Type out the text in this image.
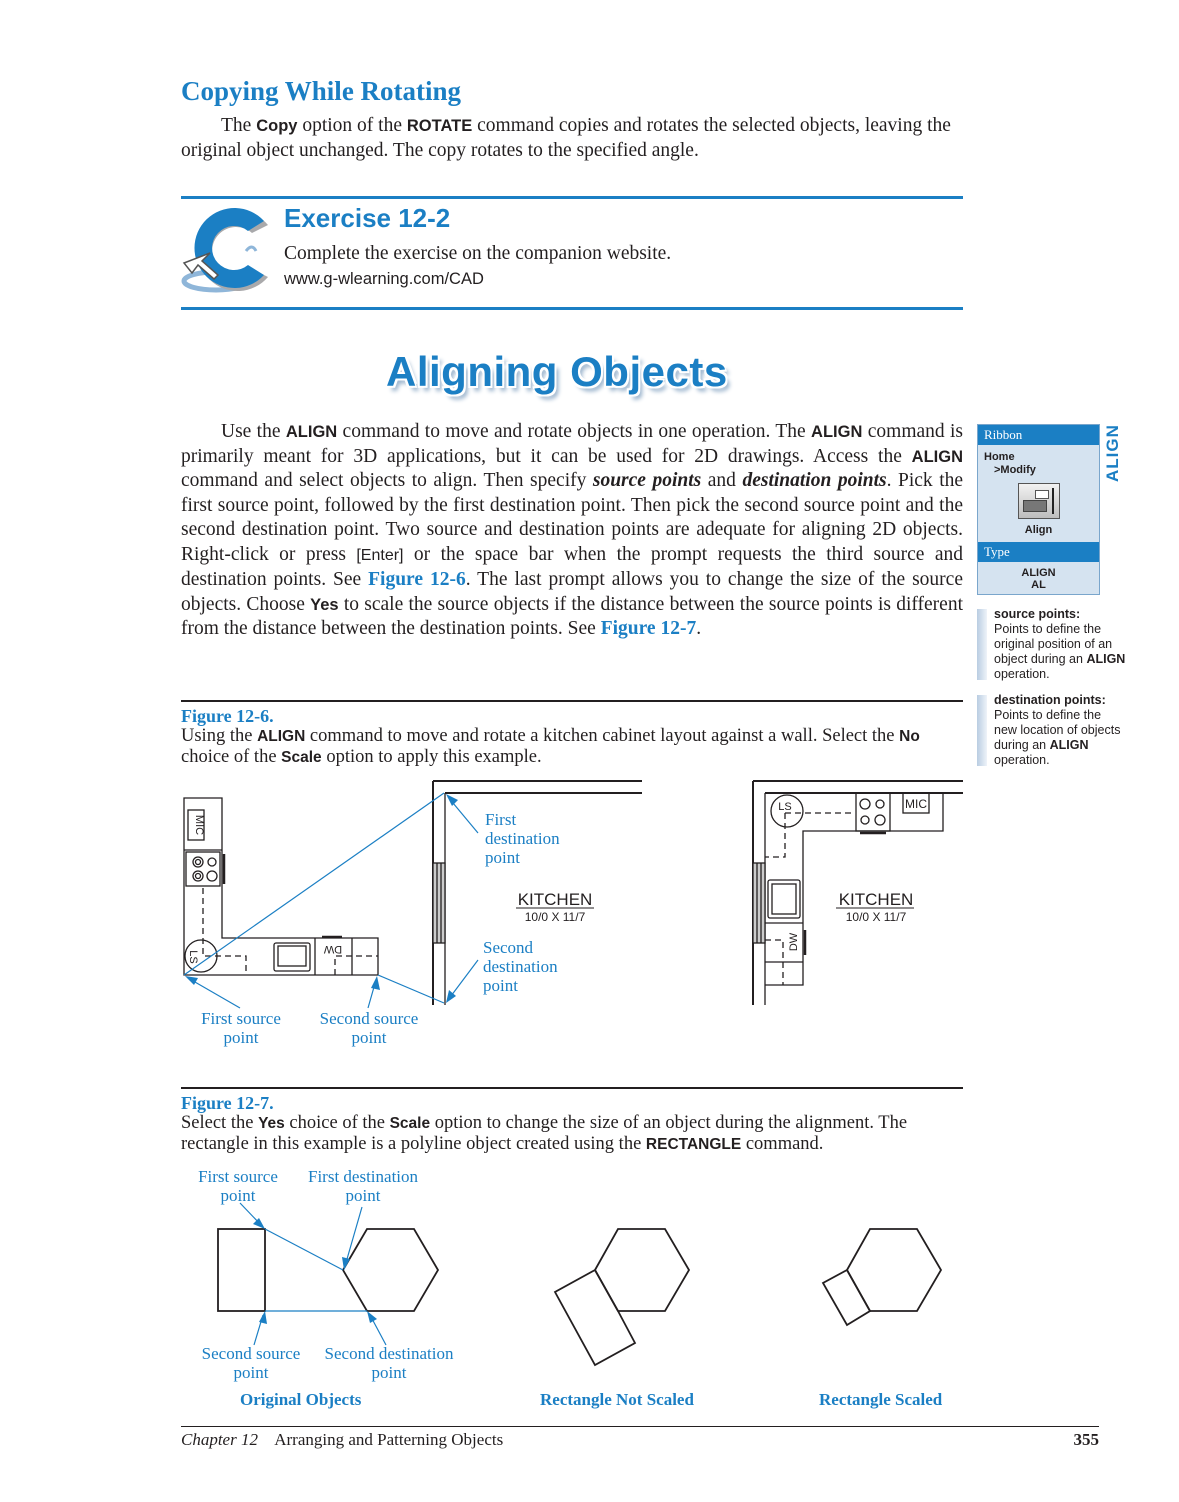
Copying While Rotating
The Copy option of the ROTATE command copies and rotates the selected objects, leaving the original object unchanged. The copy rotates to the specified angle.
Exercise 12-2
Complete the exercise on the companion website.
www.g-wlearning.com/CAD
Aligning Objects
Use the ALIGN command to move and rotate objects in one operation. The ALIGN command is primarily meant for 3D applications, but it can be used for 2D drawings. Access the ALIGN command and select objects to align. Then specify source points and destination points. Pick the first source point, followed by the first destination point. Then pick the second source point and the second destination point. Two source and destination points are adequate for aligning 2D objects. Right-click or press [Enter] or the space bar when the prompt requests the third source and destination points. See Figure 12-6. The last prompt allows you to change the size of the source objects. Choose Yes to scale the source objects if the distance between the source points is different from the distance between the destination points. See Figure 12-7.
Ribbon
Home
>Modify
Align
Type
ALIGN
AL
ALIGN
source points:
Points to define the original position of an object during an ALIGN operation.
destination points:
Points to define the new location of objects during an ALIGN operation.
Figure 12-6.
Using the ALIGN command to move and rotate a kitchen cabinet layout against a wall. Select the No choice of the Scale option to apply this example.
MIC
LS
DW
KITCHEN
10/0 X 11/7
LS	MIC
DW
KITCHEN
10/0 X 11/7
First source point
Second source point
First destination point
Second destination point
Figure 12-7.
Select the Yes choice of the Scale option to change the size of an object during the alignment. The rectangle in this example is a polyline object created using the RECTANGLE command.
First source point
First destination point
Second source point
Second destination point
Original Objects	Rectangle Not Scaled	Rectangle Scaled
Chapter 12 Arranging and Patterning Objects	355
